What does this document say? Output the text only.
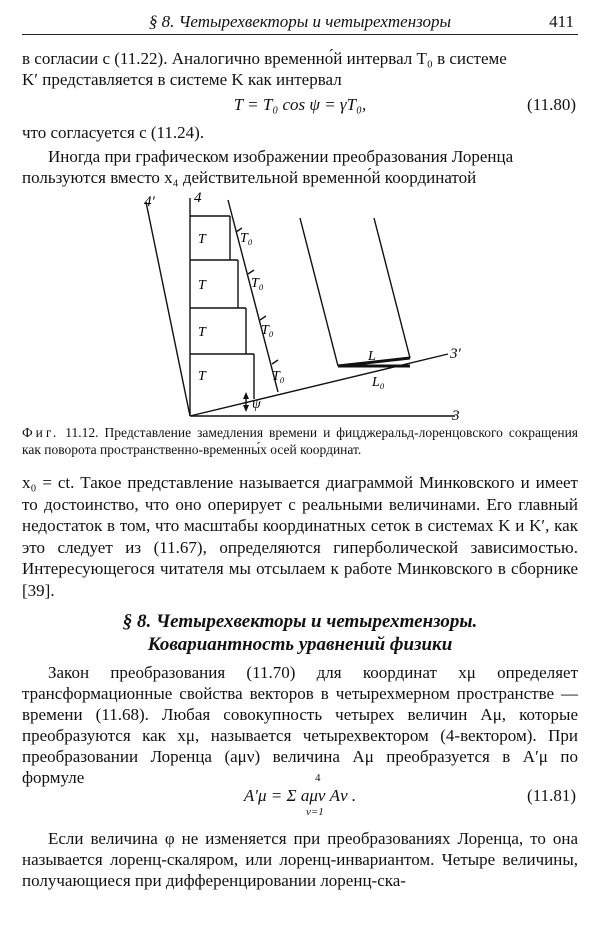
§ 8. Четырехвекторы и четырехтензоры	411
в согласии с (11.22). Аналогично временно́й интервал T₀ в системе
K′ представляется в системе K как интервал
T = T₀ cos ψ = γT₀,	(11.80)
что согласуется с (11.24).
Иногда при графическом изображении преобразования Лоренца
пользуются вместо x₄ действительной временно́й координатой
4′	4
3′
3
ψ
T
T
T
T
T₀
T₀
T₀
T₀
L
L₀
Фиг. 11.12. Представление замедления времени и фицджеральд-лоренцовского сокращения как поворота пространственно-временны́х осей координат.
x₀ = ct. Такое представление называется диаграммой Минковского и имеет то достоинство, что оно оперирует с реальными величинами. Его главный недостаток в том, что масштабы координатных сеток в системах K и K′, как это следует из (11.67), определяются гиперболической зависимостью. Интересующегося читателя мы отсылаем к работе Минковского в сборнике [39].
§ 8. Четырехвекторы и четырехтензоры.
Ковариантность уравнений физики
Закон преобразования (11.70) для координат xμ определяет трансформационные свойства векторов в четырехмерном пространстве — времени (11.68). Любая совокупность четырех величин Aμ, которые преобразуются как xμ, называется четырехвектором (4-вектором). При преобразовании Лоренца (aμν) величина Aμ преобразуется в A′μ по формуле
A′μ = Σ aμν Aν .
4
ν=1
(11.81)
Если величина φ не изменяется при преобразованиях Лоренца, то она называется лоренц-скаляром, или лоренц-инвариантом. Четыре величины, получающиеся при дифференцировании лоренц-ска-
